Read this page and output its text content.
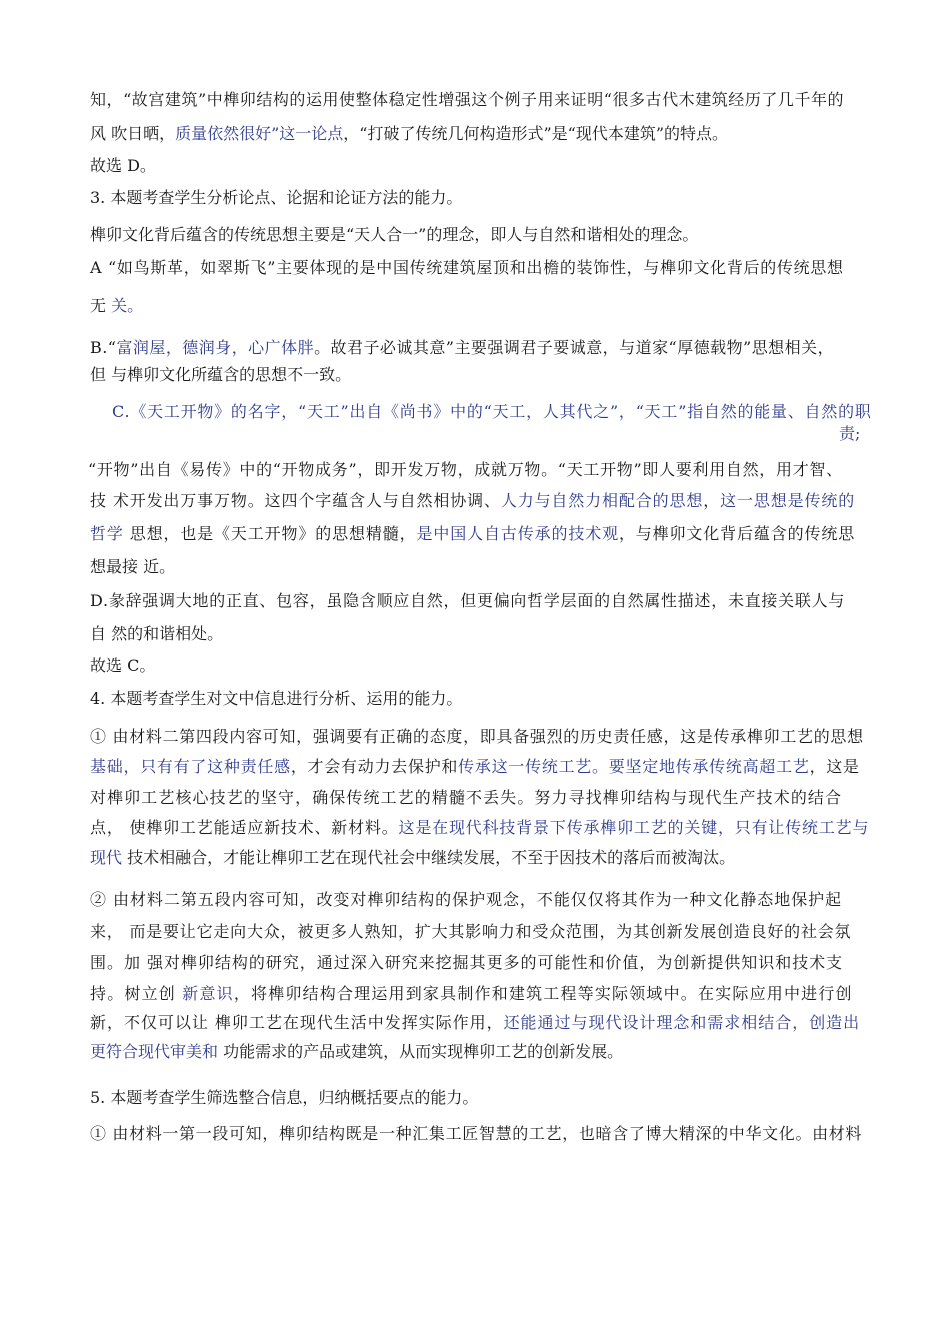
知，“故宫建筑”中榫卯结构的运用使整体稳定性增强这个例子用来证明“很多古代木建筑经历了几千年的
风 吹日晒，质量依然很好”这一论点，“打破了传统几何构造形式”是“现代本建筑”的特点。
故选 D。
3. 本题考查学生分析论点、论据和论证方法的能力。
榫卯文化背后蕴含的传统思想主要是“天人合一”的理念，即人与自然和谐相处的理念。
A “如鸟斯革，如翠斯飞”主要体现的是中国传统建筑屋顶和出檐的装饰性，与榫卯文化背后的传统思想
无 关。
B.“富润屋，德润身，心广体胖。故君子必诚其意”主要强调君子要诚意，与道家“厚德载物”思想相关，
但 与榫卯文化所蕴含的思想不一致。
C.《天工开物》的名字，“天工”出自《尚书》中的“天工，人其代之”，“天工”指自然的能量、自然的职
责;
“开物”出自《易传》中的“开物成务”，即开发万物，成就万物。“天工开物”即人要利用自然，用才智、
技 术开发出万事万物。这四个字蕴含人与自然相协调、人力与自然力相配合的思想，这一思想是传统的
哲学 思想，也是《天工开物》的思想精髓，是中国人自古传承的技术观，与榫卯文化背后蕴含的传统思
想最接 近。
D.彖辞强调大地的正直、包容，虽隐含顺应自然，但更偏向哲学层面的自然属性描述，未直接关联人与
自 然的和谐相处。
故选 C。
4. 本题考查学生对文中信息进行分析、运用的能力。
① 由材料二第四段内容可知，强调要有正确的态度，即具备强烈的历史责任感，这是传承榫卯工艺的思想
基础，只有有了这种责任感，才会有动力去保护和传承这一传统工艺。要坚定地传承传统高超工艺，这是
对榫卯工艺核心技艺的坚守，确保传统工艺的精髓不丢失。努力寻找榫卯结构与现代生产技术的结合
点， 使榫卯工艺能适应新技术、新材料。这是在现代科技背景下传承榫卯工艺的关键，只有让传统工艺与
现代 技术相融合，才能让榫卯工艺在现代社会中继续发展，不至于因技术的落后而被淘汰。
② 由材料二第五段内容可知，改变对榫卯结构的保护观念，不能仅仅将其作为一种文化静态地保护起
来， 而是要让它走向大众，被更多人熟知，扩大其影响力和受众范围，为其创新发展创造良好的社会氛
围。加 强对榫卯结构的研究，通过深入研究来挖掘其更多的可能性和价值，为创新提供知识和技术支
持。树立创 新意识，将榫卯结构合理运用到家具制作和建筑工程等实际领域中。在实际应用中进行创
新，不仅可以让 榫卯工艺在现代生活中发挥实际作用，还能通过与现代设计理念和需求相结合，创造出
更符合现代审美和 功能需求的产品或建筑，从而实现榫卯工艺的创新发展。
5. 本题考查学生筛选整合信息，归纳概括要点的能力。
① 由材料一第一段可知，榫卯结构既是一种汇集工匠智慧的工艺，也暗含了博大精深的中华文化。由材料
